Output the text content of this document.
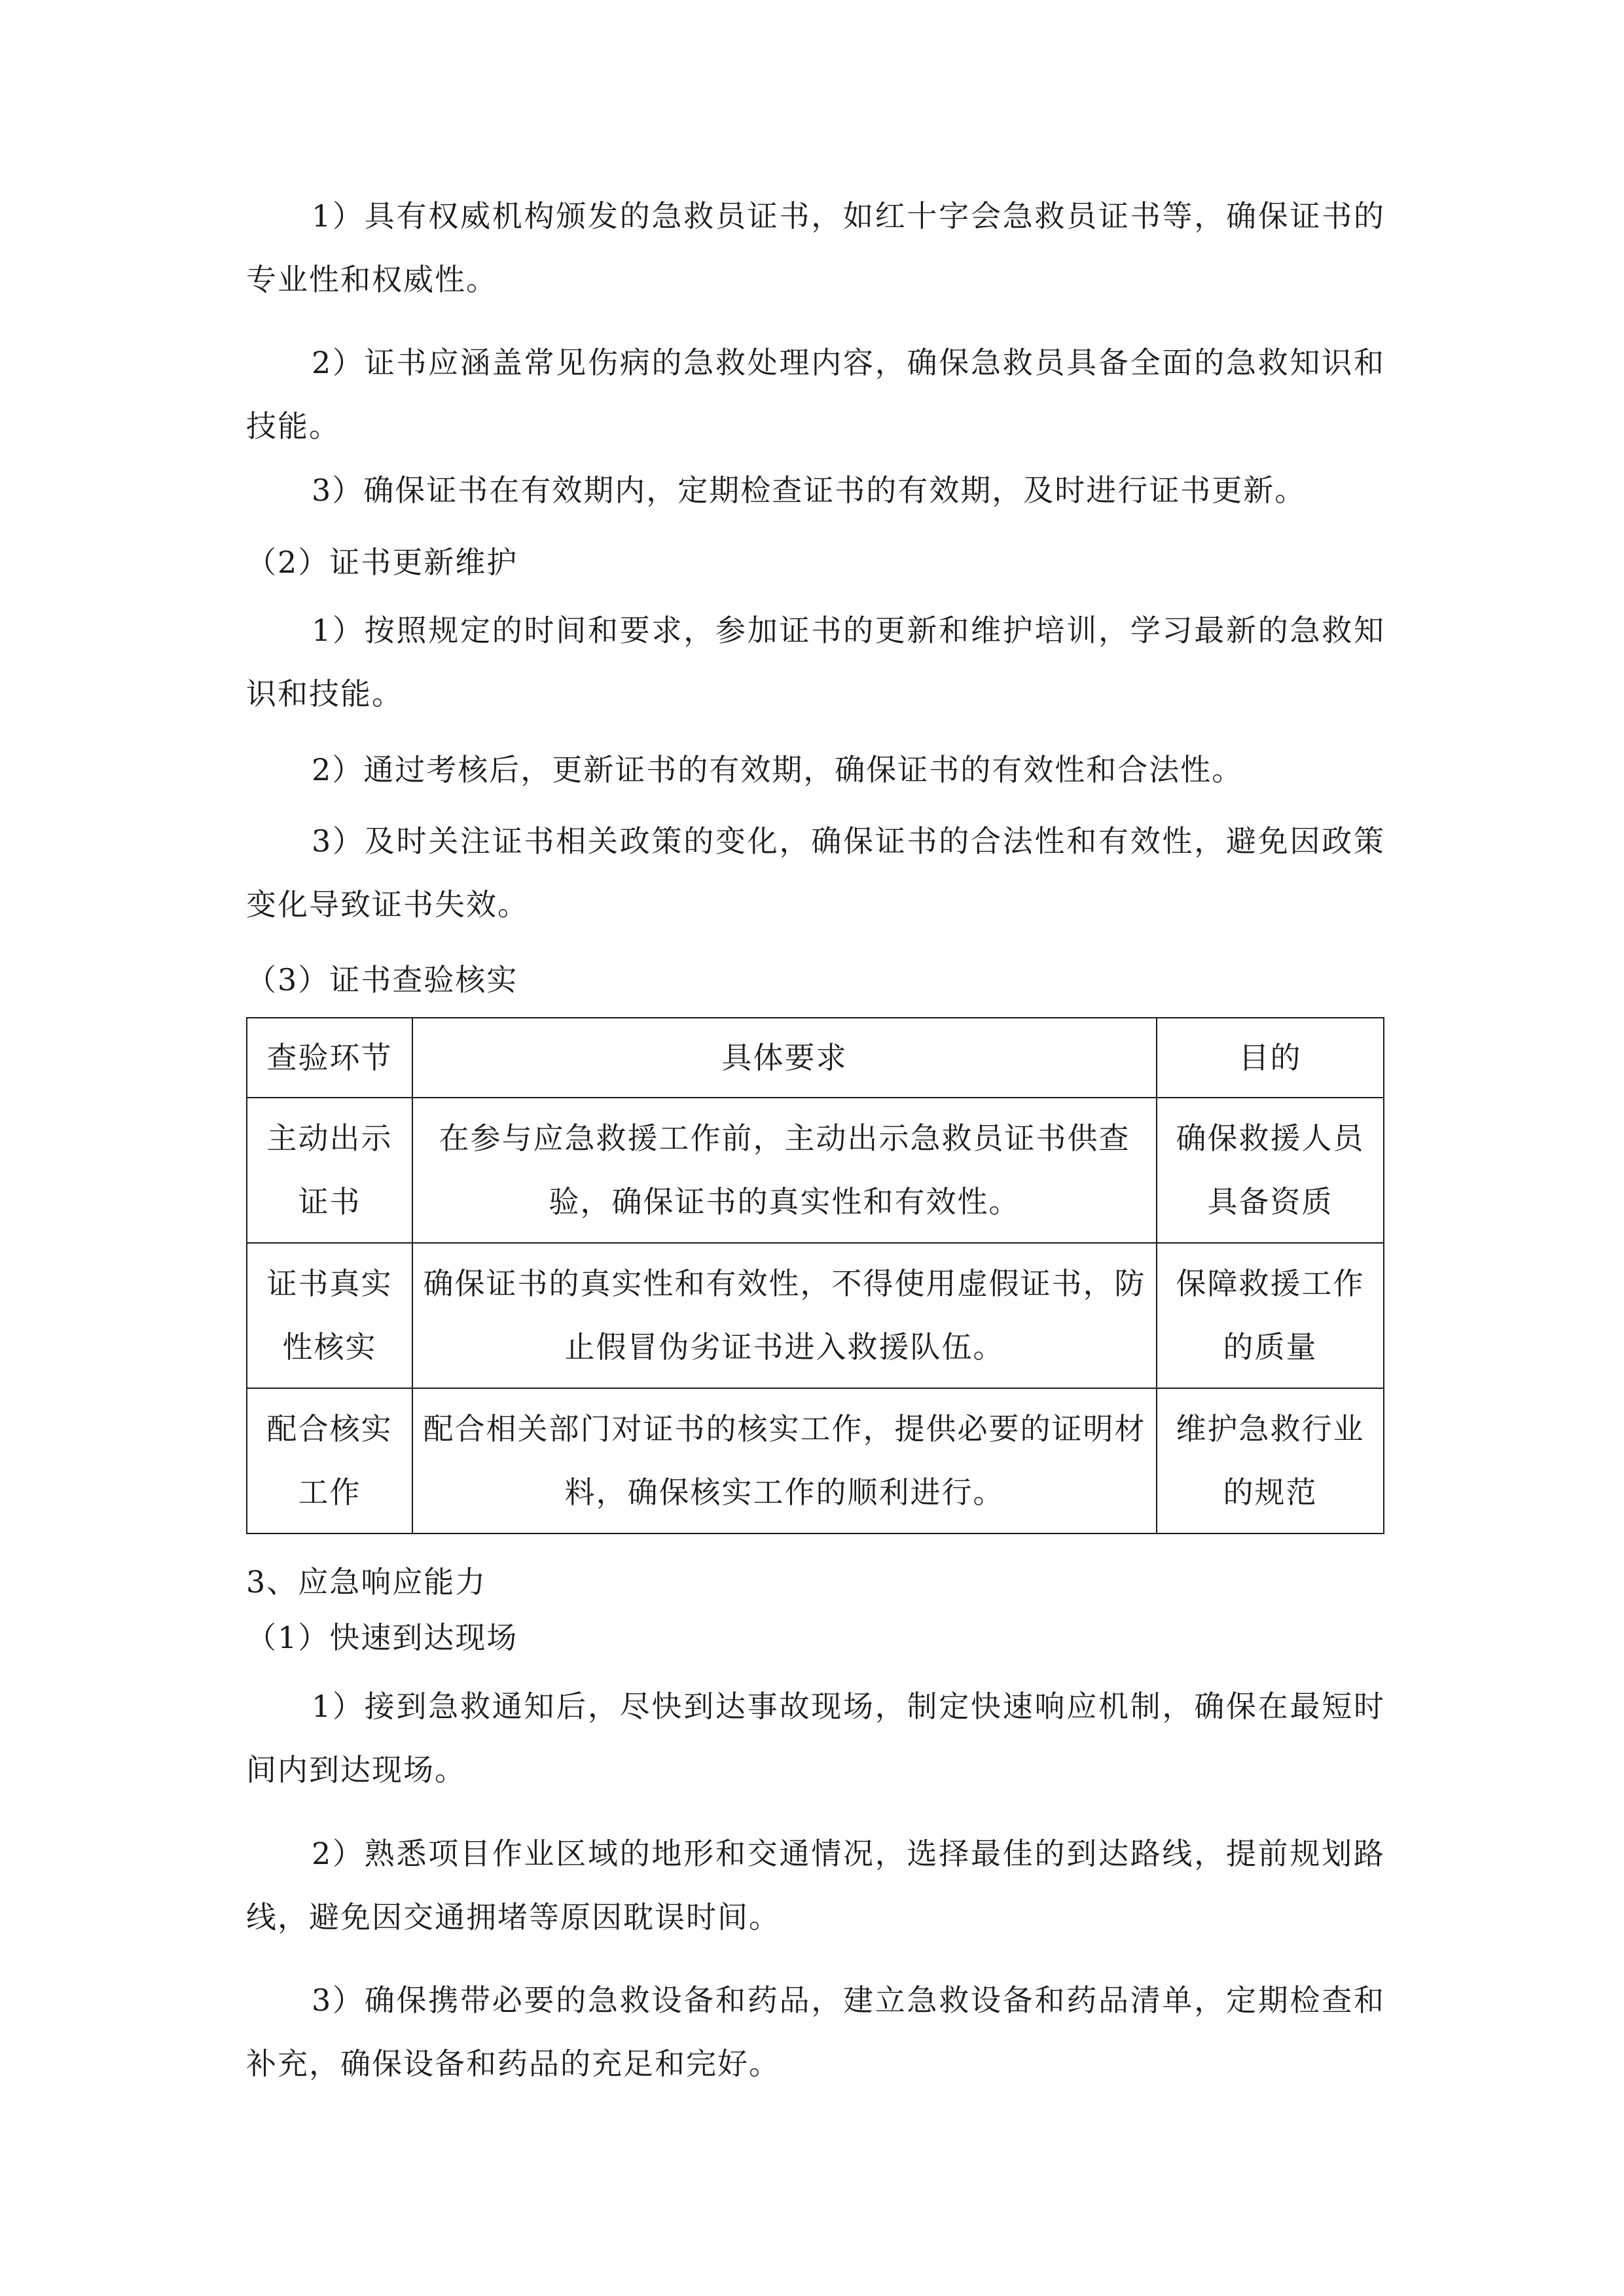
1）具有权威机构颁发的急救员证书，如红十字会急救员证书等，确保证书的专业性和权威性。

2）证书应涵盖常见伤病的急救处理内容，确保急救员具备全面的急救知识和技能。

3）确保证书在有效期内，定期检查证书的有效期，及时进行证书更新。

（2）证书更新维护

1）按照规定的时间和要求，参加证书的更新和维护培训，学习最新的急救知识和技能。

2）通过考核后，更新证书的有效期，确保证书的有效性和合法性。

3）及时关注证书相关政策的变化，确保证书的合法性和有效性，避免因政策变化导致证书失效。

（3）证书查验核实

查验环节	具体要求	目的
主动出示证书	在参与应急救援工作前，主动出示急救员证书供查验，确保证书的真实性和有效性。	确保救援人员具备资质
证书真实性核实	确保证书的真实性和有效性，不得使用虚假证书，防止假冒伪劣证书进入救援队伍。	保障救援工作的质量
配合核实工作	配合相关部门对证书的核实工作，提供必要的证明材料，确保核实工作的顺利进行。	维护急救行业的规范

3、应急响应能力

（1）快速到达现场

1）接到急救通知后，尽快到达事故现场，制定快速响应机制，确保在最短时间内到达现场。

2）熟悉项目作业区域的地形和交通情况，选择最佳的到达路线，提前规划路线，避免因交通拥堵等原因耽误时间。

3）确保携带必要的急救设备和药品，建立急救设备和药品清单，定期检查和补充，确保设备和药品的充足和完好。
